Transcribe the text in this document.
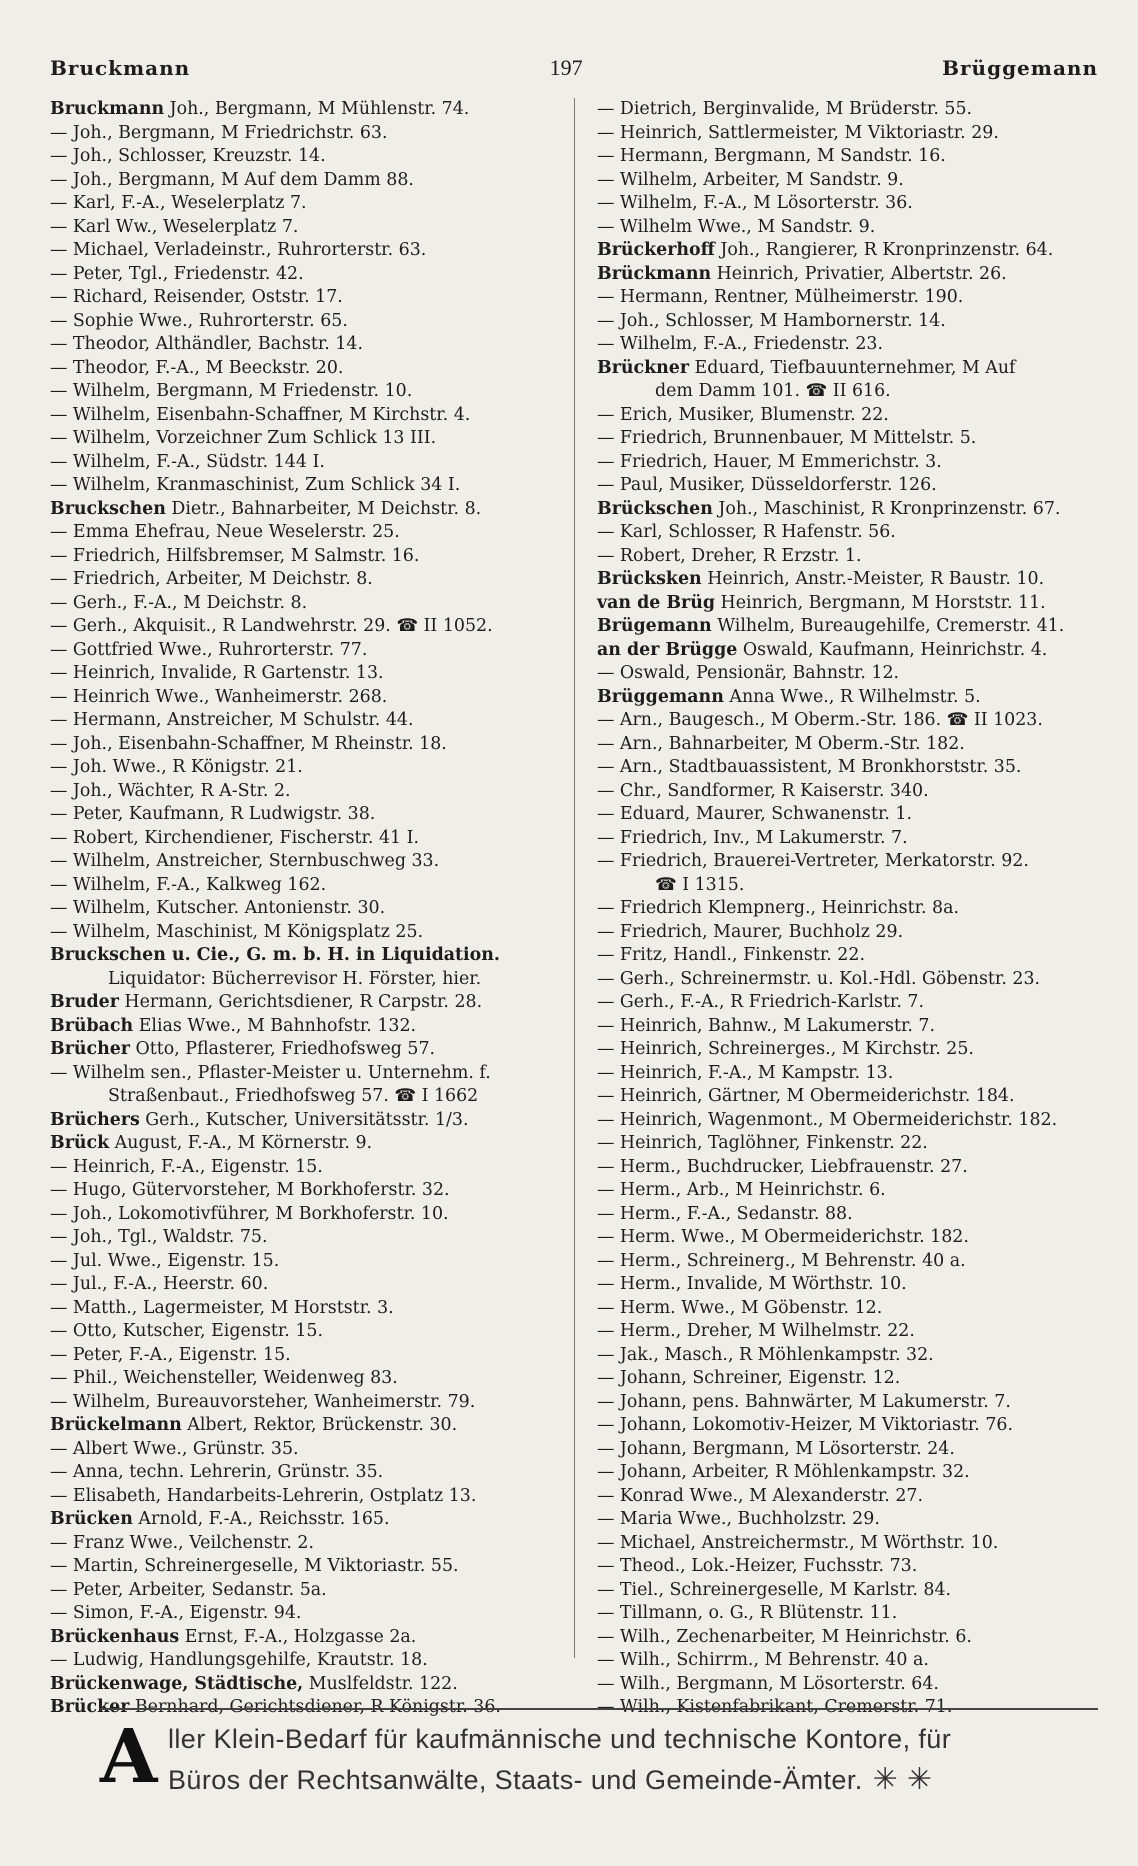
Bruckmann	197	Brüggemann
Bruckmann Joh., Bergmann, M Mühlenstr. 74.
— Joh., Bergmann, M Friedrichstr. 63.
— Joh., Schlosser, Kreuzstr. 14.
— Joh., Bergmann, M Auf dem Damm 88.
— Karl, F.-A., Weselerplatz 7.
— Karl Ww., Weselerplatz 7.
— Michael, Verladeinstr., Ruhrorterstr. 63.
— Peter, Tgl., Friedenstr. 42.
— Richard, Reisender, Oststr. 17.
— Sophie Wwe., Ruhrorterstr. 65.
— Theodor, Althändler, Bachstr. 14.
— Theodor, F.-A., M Beeckstr. 20.
— Wilhelm, Bergmann, M Friedenstr. 10.
— Wilhelm, Eisenbahn-Schaffner, M Kirchstr. 4.
— Wilhelm, Vorzeichner Zum Schlick 13 III.
— Wilhelm, F.-A., Südstr. 144 I.
— Wilhelm, Kranmaschinist, Zum Schlick 34 I.
Bruckschen Dietr., Bahnarbeiter, M Deichstr. 8.
— Emma Ehefrau, Neue Weselerstr. 25.
— Friedrich, Hilfsbremser, M Salmstr. 16.
— Friedrich, Arbeiter, M Deichstr. 8.
— Gerh., F.-A., M Deichstr. 8.
— Gerh., Akquisit., R Landwehrstr. 29. ☎ II 1052.
— Gottfried Wwe., Ruhrorterstr. 77.
— Heinrich, Invalide, R Gartenstr. 13.
— Heinrich Wwe., Wanheimerstr. 268.
— Hermann, Anstreicher, M Schulstr. 44.
— Joh., Eisenbahn-Schaffner, M Rheinstr. 18.
— Joh. Wwe., R Königstr. 21.
— Joh., Wächter, R A-Str. 2.
— Peter, Kaufmann, R Ludwigstr. 38.
— Robert, Kirchendiener, Fischerstr. 41 I.
— Wilhelm, Anstreicher, Sternbuschweg 33.
— Wilhelm, F.-A., Kalkweg 162.
— Wilhelm, Kutscher. Antonienstr. 30.
— Wilhelm, Maschinist, M Königsplatz 25.
Bruckschen u. Cie., G. m. b. H. in Liquidation.
Liquidator: Bücherrevisor H. Förster, hier.
Bruder Hermann, Gerichtsdiener, R Carpstr. 28.
Brübach Elias Wwe., M Bahnhofstr. 132.
Brücher Otto, Pflasterer, Friedhofsweg 57.
— Wilhelm sen., Pflaster-Meister u. Unternehm. f.
Straßenbaut., Friedhofsweg 57. ☎ I 1662
Brüchers Gerh., Kutscher, Universitätsstr. 1/3.
Brück August, F.-A., M Körnerstr. 9.
— Heinrich, F.-A., Eigenstr. 15.
— Hugo, Gütervorsteher, M Borkhoferstr. 32.
— Joh., Lokomotivführer, M Borkhoferstr. 10.
— Joh., Tgl., Waldstr. 75.
— Jul. Wwe., Eigenstr. 15.
— Jul., F.-A., Heerstr. 60.
— Matth., Lagermeister, M Horststr. 3.
— Otto, Kutscher, Eigenstr. 15.
— Peter, F.-A., Eigenstr. 15.
— Phil., Weichensteller, Weidenweg 83.
— Wilhelm, Bureauvorsteher, Wanheimerstr. 79.
Brückelmann Albert, Rektor, Brückenstr. 30.
— Albert Wwe., Grünstr. 35.
— Anna, techn. Lehrerin, Grünstr. 35.
— Elisabeth, Handarbeits-Lehrerin, Ostplatz 13.
Brücken Arnold, F.-A., Reichsstr. 165.
— Franz Wwe., Veilchenstr. 2.
— Martin, Schreinergeselle, M Viktoriastr. 55.
— Peter, Arbeiter, Sedanstr. 5a.
— Simon, F.-A., Eigenstr. 94.
Brückenhaus Ernst, F.-A., Holzgasse 2a.
— Ludwig, Handlungsgehilfe, Krautstr. 18.
Brückenwage, Städtische, Muslfeldstr. 122.
Brücker Bernhard, Gerichtsdiener, R Königstr. 36.
— Dietrich, Berginvalide, M Brüderstr. 55.
— Heinrich, Sattlermeister, M Viktoriastr. 29.
— Hermann, Bergmann, M Sandstr. 16.
— Wilhelm, Arbeiter, M Sandstr. 9.
— Wilhelm, F.-A., M Lösorterstr. 36.
— Wilhelm Wwe., M Sandstr. 9.
Brückerhoff Joh., Rangierer, R Kronprinzenstr. 64.
Brückmann Heinrich, Privatier, Albertstr. 26.
— Hermann, Rentner, Mülheimerstr. 190.
— Joh., Schlosser, M Hambornerstr. 14.
— Wilhelm, F.-A., Friedenstr. 23.
Brückner Eduard, Tiefbauunternehmer, M Auf
dem Damm 101. ☎ II 616.
— Erich, Musiker, Blumenstr. 22.
— Friedrich, Brunnenbauer, M Mittelstr. 5.
— Friedrich, Hauer, M Emmerichstr. 3.
— Paul, Musiker, Düsseldorferstr. 126.
Brückschen Joh., Maschinist, R Kronprinzenstr. 67.
— Karl, Schlosser, R Hafenstr. 56.
— Robert, Dreher, R Erzstr. 1.
Brücksken Heinrich, Anstr.-Meister, R Baustr. 10.
van de Brüg Heinrich, Bergmann, M Horststr. 11.
Brügemann Wilhelm, Bureaugehilfe, Cremerstr. 41.
an der Brügge Oswald, Kaufmann, Heinrichstr. 4.
— Oswald, Pensionär, Bahnstr. 12.
Brüggemann Anna Wwe., R Wilhelmstr. 5.
— Arn., Baugesch., M Oberm.-Str. 186. ☎ II 1023.
— Arn., Bahnarbeiter, M Oberm.-Str. 182.
— Arn., Stadtbauassistent, M Bronkhorststr. 35.
— Chr., Sandformer, R Kaiserstr. 340.
— Eduard, Maurer, Schwanenstr. 1.
— Friedrich, Inv., M Lakumerstr. 7.
— Friedrich, Brauerei-Vertreter, Merkatorstr. 92.
☎ I 1315.
— Friedrich Klempnerg., Heinrichstr. 8a.
— Friedrich, Maurer, Buchholz 29.
— Fritz, Handl., Finkenstr. 22.
— Gerh., Schreinermstr. u. Kol.-Hdl. Göbenstr. 23.
— Gerh., F.-A., R Friedrich-Karlstr. 7.
— Heinrich, Bahnw., M Lakumerstr. 7.
— Heinrich, Schreinerges., M Kirchstr. 25.
— Heinrich, F.-A., M Kampstr. 13.
— Heinrich, Gärtner, M Obermeiderichstr. 184.
— Heinrich, Wagenmont., M Obermeiderichstr. 182.
— Heinrich, Taglöhner, Finkenstr. 22.
— Herm., Buchdrucker, Liebfrauenstr. 27.
— Herm., Arb., M Heinrichstr. 6.
— Herm., F.-A., Sedanstr. 88.
— Herm. Wwe., M Obermeiderichstr. 182.
— Herm., Schreinerg., M Behrenstr. 40 a.
— Herm., Invalide, M Wörthstr. 10.
— Herm. Wwe., M Göbenstr. 12.
— Herm., Dreher, M Wilhelmstr. 22.
— Jak., Masch., R Möhlenkampstr. 32.
— Johann, Schreiner, Eigenstr. 12.
— Johann, pens. Bahnwärter, M Lakumerstr. 7.
— Johann, Lokomotiv-Heizer, M Viktoriastr. 76.
— Johann, Bergmann, M Lösorterstr. 24.
— Johann, Arbeiter, R Möhlenkampstr. 32.
— Konrad Wwe., M Alexanderstr. 27.
— Maria Wwe., Buchholzstr. 29.
— Michael, Anstreichermstr., M Wörthstr. 10.
— Theod., Lok.-Heizer, Fuchsstr. 73.
— Tiel., Schreinergeselle, M Karlstr. 84.
— Tillmann, o. G., R Blütenstr. 11.
— Wilh., Zechenarbeiter, M Heinrichstr. 6.
— Wilh., Schirrm., M Behrenstr. 40 a.
— Wilh., Bergmann, M Lösorterstr. 64.
— Wilh., Kistenfabrikant, Cremerstr. 71.
A ller Klein-Bedarf für kaufmännische und technische Kontore, für
Büros der Rechtsanwälte, Staats- und Gemeinde-Ämter. ✳ ✳
